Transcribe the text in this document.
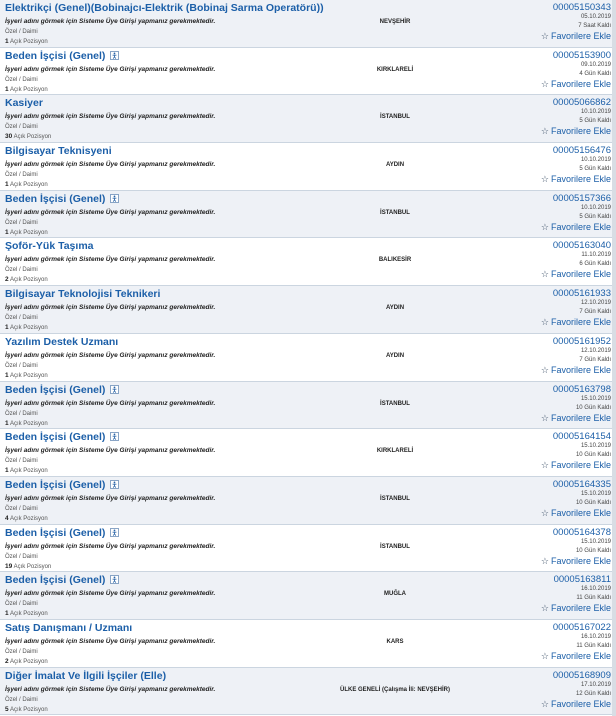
Elektrikçi (Genel)(Bobinajcı-Elektrik (Bobinaj Sarma Operatörü))
İşyeri adını görmek için Sisteme Üye Girişi yapmanız gerekmektedir.
Özel / Daimi
1 Açık Pozisyon
NEVŞEHİR
00005150343
05.10.2019
7 Saat Kaldı
☆ Favorilere Ekle
Beden İşçisi (Genel)
İşyeri adını görmek için Sisteme Üye Girişi yapmanız gerekmektedir.
Özel / Daimi
1 Açık Pozisyon
KIRKLARELİ
00005153900
09.10.2019
4 Gün Kaldı
☆ Favorilere Ekle
Kasiyer
İşyeri adını görmek için Sisteme Üye Girişi yapmanız gerekmektedir.
Özel / Daimi
30 Açık Pozisyon
İSTANBUL
00005066862
10.10.2019
5 Gün Kaldı
☆ Favorilere Ekle
Bilgisayar Teknisyeni
İşyeri adını görmek için Sisteme Üye Girişi yapmanız gerekmektedir.
Özel / Daimi
1 Açık Pozisyon
AYDIN
00005156476
10.10.2019
5 Gün Kaldı
☆ Favorilere Ekle
Beden İşçisi (Genel)
İşyeri adını görmek için Sisteme Üye Girişi yapmanız gerekmektedir.
Özel / Daimi
1 Açık Pozisyon
İSTANBUL
00005157366
10.10.2019
5 Gün Kaldı
☆ Favorilere Ekle
Şoför-Yük Taşıma
İşyeri adını görmek için Sisteme Üye Girişi yapmanız gerekmektedir.
Özel / Daimi
2 Açık Pozisyon
BALIKESİR
00005163040
11.10.2019
6 Gün Kaldı
☆ Favorilere Ekle
Bilgisayar Teknolojisi Teknikeri
İşyeri adını görmek için Sisteme Üye Girişi yapmanız gerekmektedir.
Özel / Daimi
1 Açık Pozisyon
AYDIN
00005161933
12.10.2019
7 Gün Kaldı
☆ Favorilere Ekle
Yazılım Destek Uzmanı
İşyeri adını görmek için Sisteme Üye Girişi yapmanız gerekmektedir.
Özel / Daimi
1 Açık Pozisyon
AYDIN
00005161952
12.10.2019
7 Gün Kaldı
☆ Favorilere Ekle
Beden İşçisi (Genel)
İşyeri adını görmek için Sisteme Üye Girişi yapmanız gerekmektedir.
Özel / Daimi
1 Açık Pozisyon
İSTANBUL
00005163798
15.10.2019
10 Gün Kaldı
☆ Favorilere Ekle
Beden İşçisi (Genel)
İşyeri adını görmek için Sisteme Üye Girişi yapmanız gerekmektedir.
Özel / Daimi
1 Açık Pozisyon
KIRKLARELİ
00005164154
15.10.2019
10 Gün Kaldı
☆ Favorilere Ekle
Beden İşçisi (Genel)
İşyeri adını görmek için Sisteme Üye Girişi yapmanız gerekmektedir.
Özel / Daimi
4 Açık Pozisyon
İSTANBUL
00005164335
15.10.2019
10 Gün Kaldı
☆ Favorilere Ekle
Beden İşçisi (Genel)
İşyeri adını görmek için Sisteme Üye Girişi yapmanız gerekmektedir.
Özel / Daimi
19 Açık Pozisyon
İSTANBUL
00005164378
15.10.2019
10 Gün Kaldı
☆ Favorilere Ekle
Beden İşçisi (Genel)
İşyeri adını görmek için Sisteme Üye Girişi yapmanız gerekmektedir.
Özel / Daimi
1 Açık Pozisyon
MUĞLA
00005163811
16.10.2019
11 Gün Kaldı
☆ Favorilere Ekle
Satış Danışmanı / Uzmanı
İşyeri adını görmek için Sisteme Üye Girişi yapmanız gerekmektedir.
Özel / Daimi
2 Açık Pozisyon
KARS
00005167022
16.10.2019
11 Gün Kaldı
☆ Favorilere Ekle
Diğer İmalat Ve İlgili İşçiler (Elle)
İşyeri adını görmek için Sisteme Üye Girişi yapmanız gerekmektedir.
Özel / Daimi
5 Açık Pozisyon
ÜLKE GENELİ (Çalışma İli: NEVŞEHİR)
00005168909
17.10.2019
12 Gün Kaldı
☆ Favorilere Ekle
